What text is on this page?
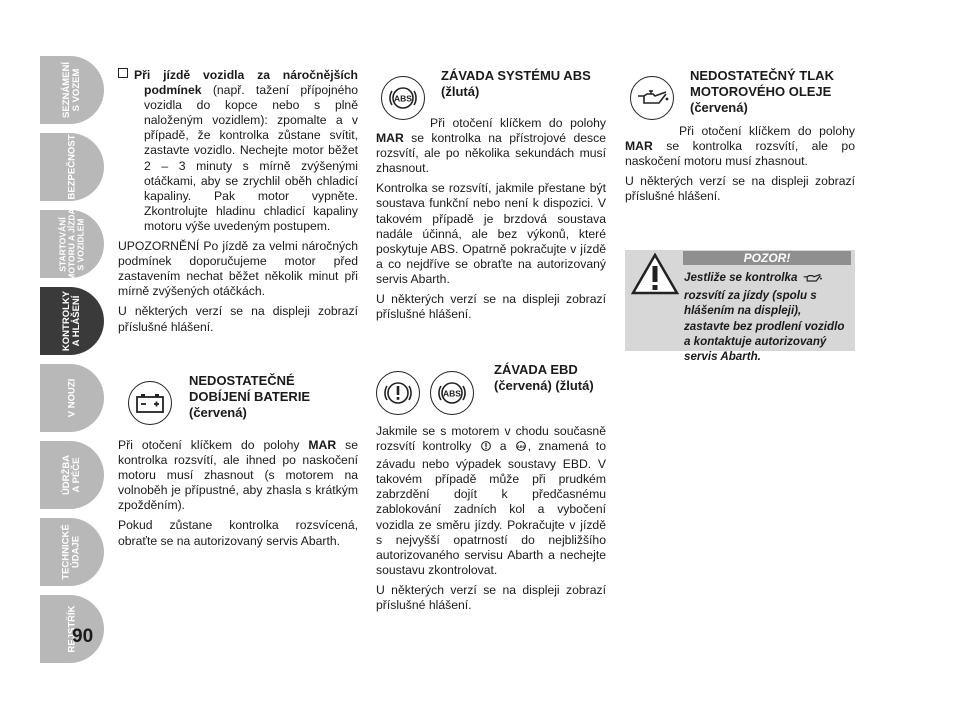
SEZNÁMENÍ
S VOZEM
BEZPEČNOST
STARTOVÁNÍ
MOTORU A JÍZDA
S VOZIDLEM
KONTROLKY
A HLÁŠENÍ
V NOUZI
ÚDRŽBA
A PÉČE
TECHNICKÉ
ÚDAJE
REJSTŘÍK
90

Při jízdě vozidla za náročnějších podmínek (např. tažení přípojného vozidla do kopce nebo s plně naloženým vozidlem): zpomalte a v případě, že kontrolka zůstane svítit, zastavte vozidlo. Nechejte motor běžet 2 – 3 minuty s mírně zvýšenými otáčkami, aby se zrychlil oběh chladicí kapaliny. Pak motor vypněte. Zkontrolujte hladinu chladicí kapaliny motoru výše uvedeným postupem.

UPOZORNĚNÍ Po jízdě za velmi náročných podmínek doporučujeme motor před zastavením nechat běžet několik minut při mírně zvýšených otáčkách.

U některých verzí se na displeji zobrazí příslušné hlášení.

NEDOSTATEČNÉ DOBÍJENÍ BATERIE (červená)

Při otočení klíčkem do polohy MAR se kontrolka rozsvítí, ale ihned po naskočení motoru musí zhasnout (s motorem na volnoběh je přípustné, aby zhasla s krátkým zpožděním).

Pokud zůstane kontrolka rozsvícená, obraťte se na autorizovaný servis Abarth.

ABS
ZÁVADA SYSTÉMU ABS (žlutá)

Při otočení klíčkem do polohy MAR se kontrolka na přístrojové desce rozsvítí, ale po několika sekundách musí zhasnout.

Kontrolka se rozsvítí, jakmile přestane být soustava funkční nebo není k dispozici. V takovém případě je brzdová soustava nadále účinná, ale bez výkonů, které poskytuje ABS. Opatrně pokračujte v jízdě a co nejdříve se obraťte na autorizovaný servis Abarth.

U některých verzí se na displeji zobrazí příslušné hlášení.

ABS
ZÁVADA EBD (červená) (žlutá)

Jakmile se s motorem v chodu současně rozsvítí kontrolky  a ABS , znamená to závadu nebo výpadek soustavy EBD. V takovém případě může při prudkém zabrzdění dojít k předčasnému zablokování zadních kol a vybočení vozidla ze směru jízdy. Pokračujte v jízdě s nejvyšší opatrností do nejbližšího autorizovaného servisu Abarth a nechejte soustavu zkontrolovat.

U některých verzí se na displeji zobrazí příslušné hlášení.

NEDOSTATEČNÝ TLAK MOTOROVÉHO OLEJE (červená)

Při otočení klíčkem do polohy MAR se kontrolka rozsvítí, ale po naskočení motoru musí zhasnout.

U některých verzí se na displeji zobrazí příslušné hlášení.

POZOR!
Jestliže se kontrolka  rozsvítí za jízdy (spolu s hlášením na displeji), zastavte bez prodlení vozidlo a kontaktuje autorizovaný servis Abarth.
